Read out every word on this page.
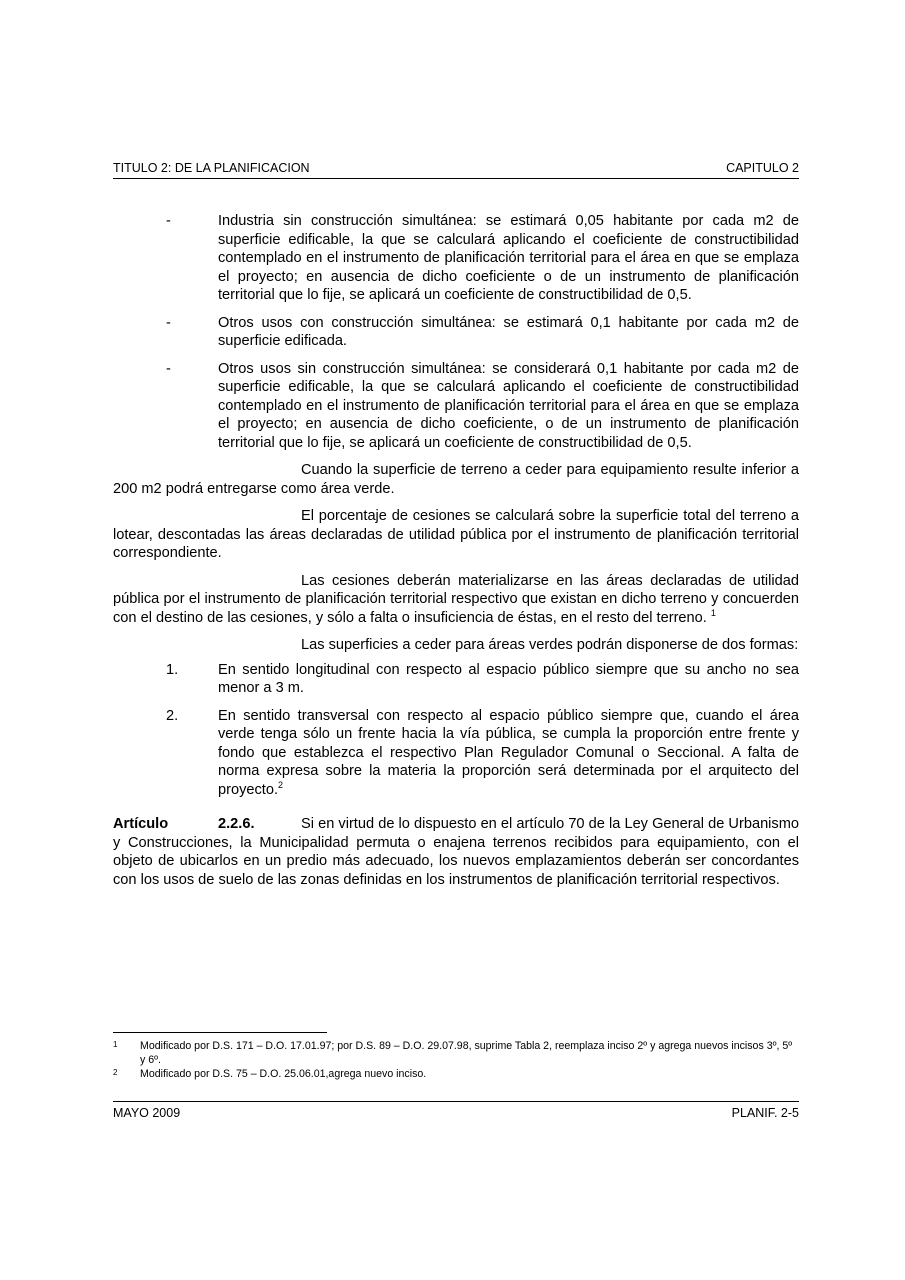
TITULO 2: DE LA PLANIFICACION	CAPITULO 2
-	Industria sin construcción simultánea: se estimará 0,05 habitante por cada m2 de superficie edificable, la que se calculará aplicando el coeficiente de constructibilidad contemplado en el instrumento de planificación territorial para el área en que se emplaza el proyecto; en ausencia de dicho coeficiente o de un instrumento de planificación territorial que lo fije, se aplicará un coeficiente de constructibilidad de 0,5.
-	Otros usos con construcción simultánea: se estimará 0,1 habitante por cada m2 de superficie edificada.
-	Otros usos sin construcción simultánea: se considerará 0,1 habitante por cada m2 de superficie edificable, la que se calculará aplicando el coeficiente de constructibilidad contemplado en el instrumento de planificación territorial para el área en que se emplaza el proyecto; en ausencia de dicho coeficiente, o de un instrumento de planificación territorial que lo fije, se aplicará un coeficiente de constructibilidad de 0,5.

Cuando la superficie de terreno a ceder para equipamiento resulte inferior a 200 m2 podrá entregarse como área verde.

El porcentaje de cesiones se calculará sobre la superficie total del terreno a lotear, descontadas las áreas declaradas de utilidad pública por el instrumento de planificación territorial correspondiente.

Las cesiones deberán materializarse en las áreas declaradas de utilidad pública por el instrumento de planificación territorial respectivo que existan en dicho terreno y concuerden con el destino de las cesiones, y sólo a falta o insuficiencia de éstas, en el resto del terreno. $^1$

Las superficies a ceder para áreas verdes podrán disponerse de dos formas:

1.	En sentido longitudinal con respecto al espacio público siempre que su ancho no sea menor a 3 m.
2.	En sentido transversal con respecto al espacio público siempre que, cuando el área verde tenga sólo un frente hacia la vía pública, se cumpla la proporción entre frente y fondo que establezca el respectivo Plan Regulador Comunal o Seccional. A falta de norma expresa sobre la materia la proporción será determinada por el arquitecto del proyecto.$^2$
Artículo	2.2.6.	Si en virtud de lo dispuesto en el artículo 70 de la Ley General de Urbanismo y Construcciones, la Municipalidad permuta o enajena terrenos recibidos para equipamiento, con el objeto de ubicarlos en un predio más adecuado, los nuevos emplazamientos deberán ser concordantes con los usos de suelo de las zonas definidas en los instrumentos de planificación territorial respectivos.
1	Modificado por D.S. 171 – D.O. 17.01.97; por D.S. 89 – D.O. 29.07.98, suprime Tabla 2, reemplaza inciso 2º y agrega nuevos incisos 3º, 5º y 6º.
2	Modificado por D.S. 75 – D.O. 25.06.01,agrega nuevo inciso.
MAYO 2009	PLANIF. 2-5
